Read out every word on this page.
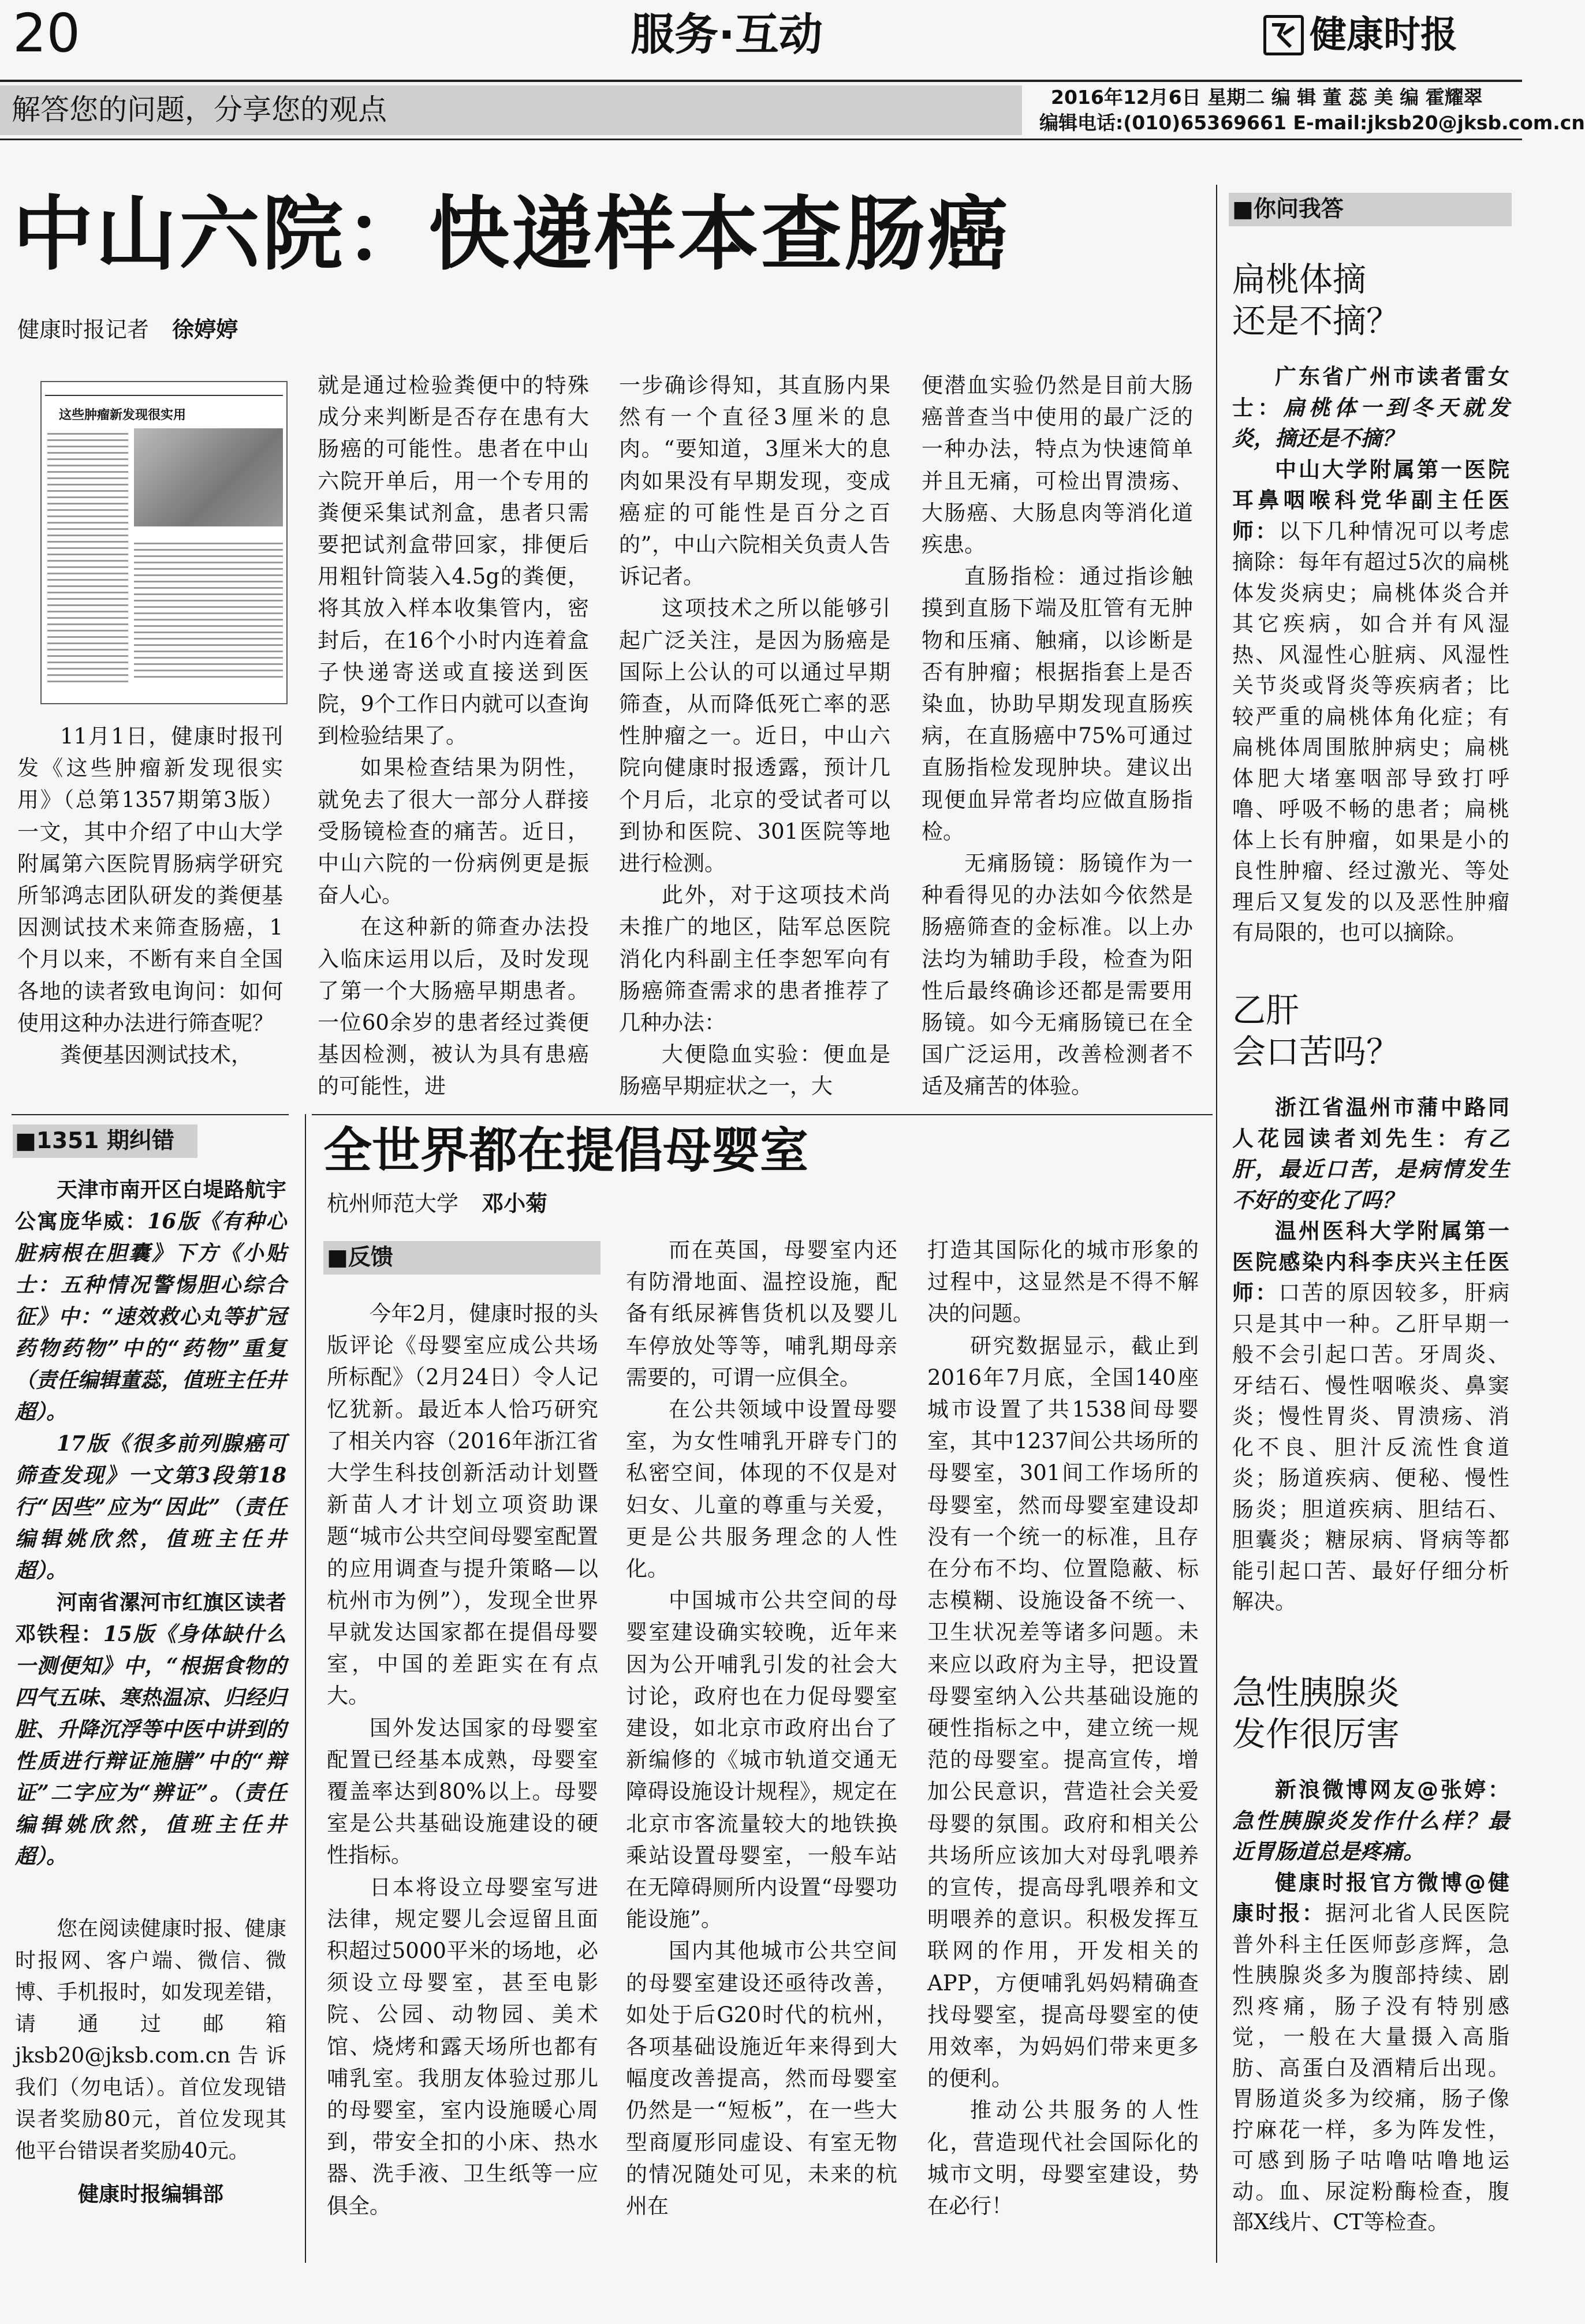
20	服务·互动	健康时报
解答您的问题，分享您的观点	2016年12月6日 星期二 编 辑 董 蕊 美 编 霍耀翠
编辑电话:(010)65369661 E-mail:jksb20@jksb.com.cn
中山六院：快递样本查肠癌
健康时报记者 徐婷婷
这些肿瘤新发现很实用

11月1日，健康时报刊发《这些肿瘤新发现很实用》（总第1357期第3版）一文，其中介绍了中山大学附属第六医院胃肠病学研究所邹鸿志团队研发的粪便基因测试技术来筛查肠癌，1个月以来，不断有来自全国各地的读者致电询问：如何使用这种办法进行筛查呢？

粪便基因测试技术，

就是通过检验粪便中的特殊成分来判断是否存在患有大肠癌的可能性。患者在中山六院开单后，用一个专用的粪便采集试剂盒，患者只需要把试剂盒带回家，排便后用粗针筒装入4.5g的粪便，将其放入样本收集管内，密封后，在16个小时内连着盒子快递寄送或直接送到医院，9个工作日内就可以查询到检验结果了。

如果检查结果为阴性，就免去了很大一部分人群接受肠镜检查的痛苦。近日，中山六院的一份病例更是振奋人心。

在这种新的筛查办法投入临床运用以后，及时发现了第一个大肠癌早期患者。一位60余岁的患者经过粪便基因检测，被认为具有患癌的可能性，进

一步确诊得知，其直肠内果然有一个直径3厘米的息肉。“要知道，3厘米大的息肉如果没有早期发现，变成癌症的可能性是百分之百的”，中山六院相关负责人告诉记者。

这项技术之所以能够引起广泛关注，是因为肠癌是国际上公认的可以通过早期筛查，从而降低死亡率的恶性肿瘤之一。近日，中山六院向健康时报透露，预计几个月后，北京的受试者可以到协和医院、301医院等地进行检测。

此外，对于这项技术尚未推广的地区，陆军总医院消化内科副主任李恕军向有肠癌筛查需求的患者推荐了几种办法：

大便隐血实验：便血是肠癌早期症状之一，大

便潜血实验仍然是目前大肠癌普查当中使用的最广泛的一种办法，特点为快速简单并且无痛，可检出胃溃疡、大肠癌、大肠息肉等消化道疾患。

直肠指检：通过指诊触摸到直肠下端及肛管有无肿物和压痛、触痛，以诊断是否有肿瘤；根据指套上是否染血，协助早期发现直肠疾病，在直肠癌中75%可通过直肠指检发现肿块。建议出现便血异常者均应做直肠指检。

无痛肠镜：肠镜作为一种看得见的办法如今依然是肠癌筛查的金标准。以上办法均为辅助手段，检查为阳性后最终确诊还都是需要用肠镜。如今无痛肠镜已在全国广泛运用，改善检测者不适及痛苦的体验。

■1351 期纠错

天津市南开区白堤路航宇公寓庞华威：16版《有种心脏病根在胆囊》下方《小贴士：五种情况警惕胆心综合征》中：“速效救心丸等扩冠药物药物”中的“药物”重复（责任编辑董蕊，值班主任井超）。

17版《很多前列腺癌可筛查发现》一文第3段第18行“因些”应为“因此”（责任编辑姚欣然，值班主任井超）。

河南省漯河市红旗区读者邓铁程：15版《身体缺什么一测便知》中，“根据食物的四气五味、寒热温凉、归经归脏、升降沉浮等中医中讲到的性质进行辩证施膳”中的“辩证”二字应为“辨证”。（责任编辑姚欣然，值班主任井超）。

您在阅读健康时报、健康时报网、客户端、微信、微博、手机报时，如发现差错，请通过邮箱jksb20@jksb.com.cn告诉我们（勿电话）。首位发现错误者奖励80元，首位发现其他平台错误者奖励40元。

健康时报编辑部

全世界都在提倡母婴室
杭州师范大学 邓小菊
■反馈

今年2月，健康时报的头版评论《母婴室应成公共场所标配》（2月24日）令人记忆犹新。最近本人恰巧研究了相关内容（2016年浙江省大学生科技创新活动计划暨新苗人才计划立项资助课题“城市公共空间母婴室配置的应用调查与提升策略—以杭州市为例”），发现全世界早就发达国家都在提倡母婴室，中国的差距实在有点大。

国外发达国家的母婴室配置已经基本成熟，母婴室覆盖率达到80%以上。母婴室是公共基础设施建设的硬性指标。

日本将设立母婴室写进法律，规定婴儿会逗留且面积超过5000平米的场地，必须设立母婴室，甚至电影院、公园、动物园、美术馆、烧烤和露天场所也都有哺乳室。我朋友体验过那儿的母婴室，室内设施暖心周到，带安全扣的小床、热水器、洗手液、卫生纸等一应俱全。

而在英国，母婴室内还有防滑地面、温控设施，配备有纸尿裤售货机以及婴儿车停放处等等，哺乳期母亲需要的，可谓一应俱全。

在公共领域中设置母婴室，为女性哺乳开辟专门的私密空间，体现的不仅是对妇女、儿童的尊重与关爱，更是公共服务理念的人性化。

中国城市公共空间的母婴室建设确实较晚，近年来因为公开哺乳引发的社会大讨论，政府也在力促母婴室建设，如北京市政府出台了新编修的《城市轨道交通无障碍设施设计规程》，规定在北京市客流量较大的地铁换乘站设置母婴室，一般车站在无障碍厕所内设置“母婴功能设施”。

国内其他城市公共空间的母婴室建设还亟待改善，如处于后G20时代的杭州，各项基础设施近年来得到大幅度改善提高，然而母婴室仍然是一“短板”，在一些大型商厦形同虚设、有室无物的情况随处可见，未来的杭州在

打造其国际化的城市形象的过程中，这显然是不得不解决的问题。

研究数据显示，截止到2016年7月底，全国140座城市设置了共1538间母婴室，其中1237间公共场所的母婴室，301间工作场所的母婴室，然而母婴室建设却没有一个统一的标准，且存在分布不均、位置隐蔽、标志模糊、设施设备不统一、卫生状况差等诸多问题。未来应以政府为主导，把设置母婴室纳入公共基础设施的硬性指标之中，建立统一规范的母婴室。提高宣传，增加公民意识，营造社会关爱母婴的氛围。政府和相关公共场所应该加大对母乳喂养的宣传，提高母乳喂养和文明喂养的意识。积极发挥互联网的作用，开发相关的APP，方便哺乳妈妈精确查找母婴室，提高母婴室的使用效率，为妈妈们带来更多的便利。

推动公共服务的人性化，营造现代社会国际化的城市文明，母婴室建设，势在必行！

■你问我答
扁桃体摘
还是不摘？

广东省广州市读者雷女士：扁桃体一到冬天就发炎，摘还是不摘？

中山大学附属第一医院耳鼻咽喉科党华副主任医师：以下几种情况可以考虑摘除：每年有超过5次的扁桃体发炎病史；扁桃体炎合并其它疾病，如合并有风湿热、风湿性心脏病、风湿性关节炎或肾炎等疾病者；比较严重的扁桃体角化症；有扁桃体周围脓肿病史；扁桃体肥大堵塞咽部导致打呼噜、呼吸不畅的患者；扁桃体上长有肿瘤，如果是小的良性肿瘤、经过激光、等处理后又复发的以及恶性肿瘤有局限的，也可以摘除。

乙肝
会口苦吗？

浙江省温州市蒲中路同人花园读者刘先生：有乙肝，最近口苦，是病情发生不好的变化了吗？

温州医科大学附属第一医院感染内科李庆兴主任医师：口苦的原因较多，肝病只是其中一种。乙肝早期一般不会引起口苦。牙周炎、牙结石、慢性咽喉炎、鼻窦炎；慢性胃炎、胃溃疡、消化不良、胆汁反流性食道炎；肠道疾病、便秘、慢性肠炎；胆道疾病、胆结石、胆囊炎；糖尿病、肾病等都能引起口苦、最好仔细分析解决。

急性胰腺炎
发作很厉害

新浪微博网友@张婷：急性胰腺炎发作什么样？最近胃肠道总是疼痛。

健康时报官方微博@健康时报：据河北省人民医院普外科主任医师彭彦辉，急性胰腺炎多为腹部持续、剧烈疼痛，肠子没有特别感觉，一般在大量摄入高脂肪、高蛋白及酒精后出现。胃肠道炎多为绞痛，肠子像拧麻花一样，多为阵发性，可感到肠子咕噜咕噜地运动。血、尿淀粉酶检查，腹部X线片、CT等检查。
